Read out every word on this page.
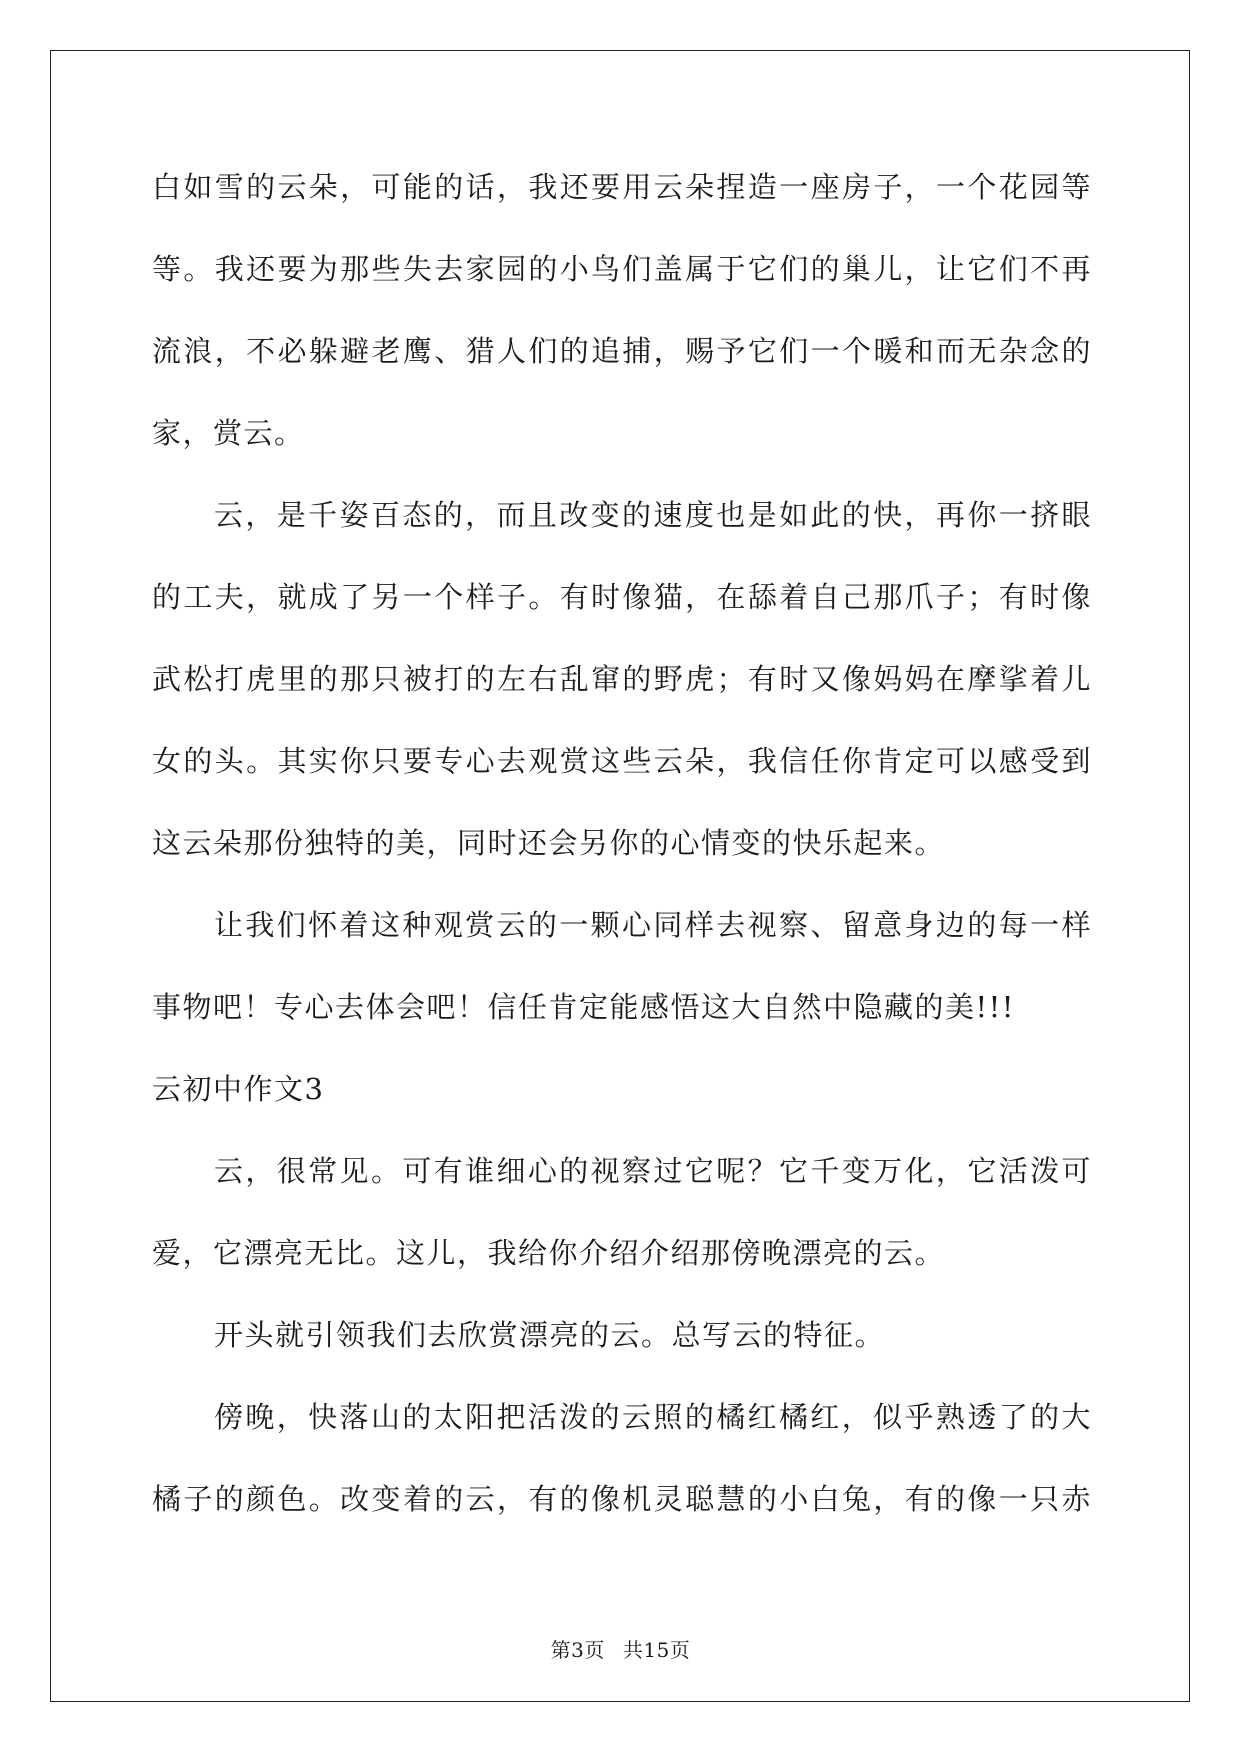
白如雪的云朵，可能的话，我还要用云朵捏造一座房子，一个花园等
等。我还要为那些失去家园的小鸟们盖属于它们的巢儿，让它们不再
流浪，不必躲避老鹰、猎人们的追捕，赐予它们一个暖和而无杂念的
家，赏云。
云，是千姿百态的，而且改变的速度也是如此的快，再你一挤眼
的工夫，就成了另一个样子。有时像猫，在舔着自己那爪子；有时像
武松打虎里的那只被打的左右乱窜的野虎；有时又像妈妈在摩挲着儿
女的头。其实你只要专心去观赏这些云朵，我信任你肯定可以感受到
这云朵那份独特的美，同时还会另你的心情变的快乐起来。
让我们怀着这种观赏云的一颗心同样去视察、留意身边的每一样
事物吧！专心去体会吧！信任肯定能感悟这大自然中隐藏的美!!!
云初中作文3
云，很常见。可有谁细心的视察过它呢？它千变万化，它活泼可
爱，它漂亮无比。这儿，我给你介绍介绍那傍晚漂亮的云。
开头就引领我们去欣赏漂亮的云。总写云的特征。
傍晚，快落山的太阳把活泼的云照的橘红橘红，似乎熟透了的大
橘子的颜色。改变着的云，有的像机灵聪慧的小白兔，有的像一只赤
第3页 共15页
